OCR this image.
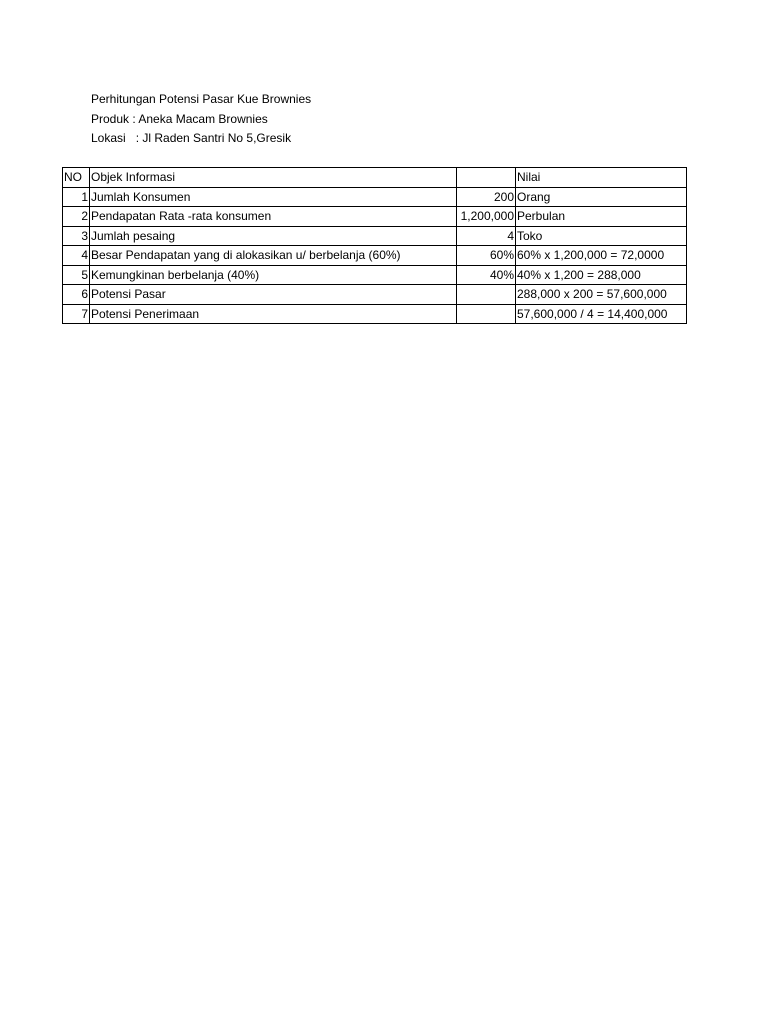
Perhitungan Potensi Pasar Kue Brownies
Produk : Aneka Macam Brownies
Lokasi   : Jl Raden Santri No 5,Gresik
NO	Objek Informasi		Nilai
1	Jumlah Konsumen	200	Orang
2	Pendapatan Rata -rata konsumen	1,200,000	Perbulan
3	Jumlah pesaing	4	Toko
4	Besar Pendapatan yang di alokasikan u/ berbelanja (60%)	60%	60% x 1,200,000 = 72,0000
5	Kemungkinan berbelanja (40%)	40%	40% x 1,200 = 288,000
6	Potensi Pasar		288,000 x 200 = 57,600,000
7	Potensi Penerimaan		57,600,000 / 4 = 14,400,000
